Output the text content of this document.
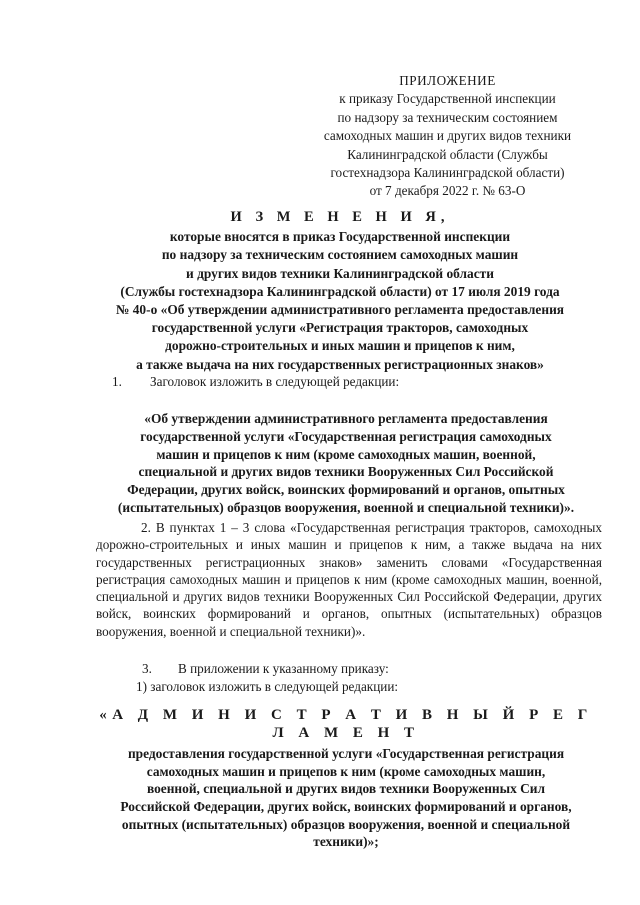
ПРИЛОЖЕНИЕ
к приказу Государственной инспекции
по надзору за техническим состоянием
самоходных машин и других видов техники
Калининградской области (Службы
гостехнадзора Калининградской области)
от 7 декабря 2022 г. № 63-О
И З М Е Н Е Н И Я,
которые вносятся в приказ Государственной инспекции
по надзору за техническим состоянием самоходных машин
и других видов техники Калининградской области
(Службы гостехнадзора Калининградской области) от 17 июля 2019 года
№ 40-о «Об утверждении административного регламента предоставления
государственной услуги «Регистрация тракторов, самоходных
дорожно-строительных и иных машин и прицепов к ним,
а также выдача на них государственных регистрационных знаков»
1. Заголовок изложить в следующей редакции:
«Об утверждении административного регламента предоставления
государственной услуги «Государственная регистрация самоходных
машин и прицепов к ним (кроме самоходных машин, военной,
специальной и других видов техники Вооруженных Сил Российской
Федерации, других войск, воинских формирований и органов, опытных
(испытательных) образцов вооружения, военной и специальной техники)».
2. В пунктах 1 – 3 слова «Государственная регистрация тракторов, самоходных дорожно-строительных и иных машин и прицепов к ним, а также выдача на них государственных регистрационных знаков» заменить словами «Государственная регистрация самоходных машин и прицепов к ним (кроме самоходных машин, военной, специальной и других видов техники Вооруженных Сил Российской Федерации, других войск, воинских формирований и органов, опытных (испытательных) образцов вооружения, военной и специальной техники)».
3. В приложении к указанному приказу:
1) заголовок изложить в следующей редакции:
«А Д М И Н И С Т Р А Т И В Н Ы Й Р Е Г Л А М Е Н Т
предоставления государственной услуги «Государственная регистрация
самоходных машин и прицепов к ним (кроме самоходных машин,
военной, специальной и других видов техники Вооруженных Сил
Российской Федерации, других войск, воинских формирований и органов,
опытных (испытательных) образцов вооружения, военной и специальной
техники)»;
